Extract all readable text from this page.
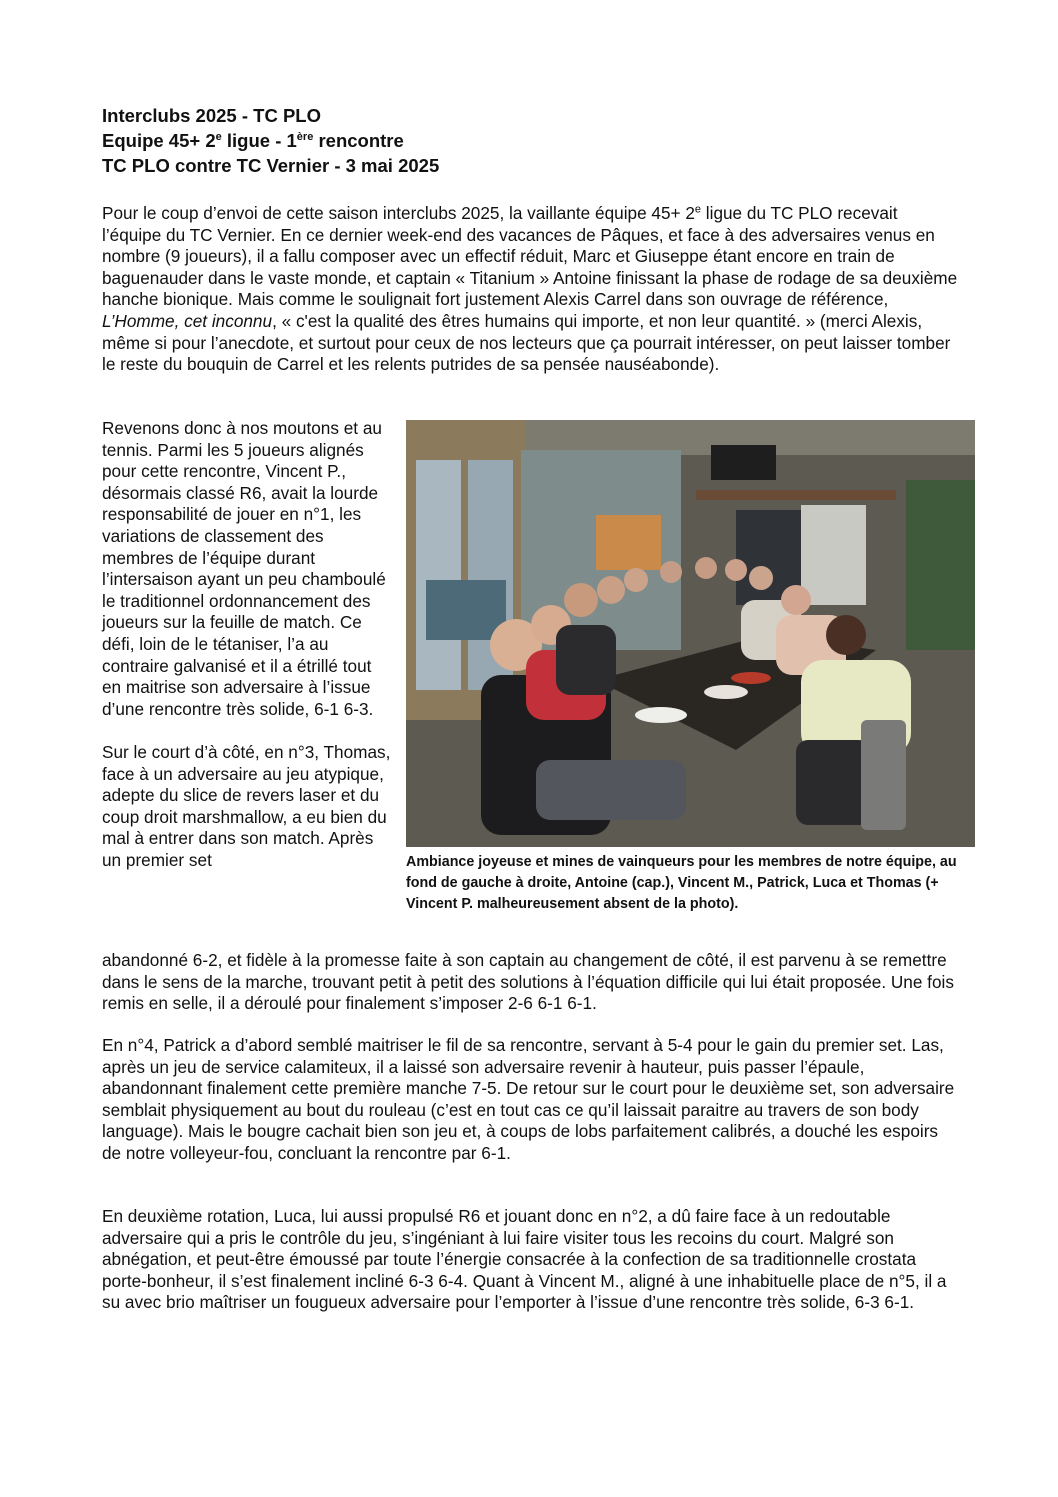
Interclubs 2025 - TC PLO
Equipe $45+ 2^e$ ligue - 1ère rencontre
TC PLO contre TC Vernier - 3 mai 2025

Pour le coup d’envoi de cette saison interclubs 2025, la vaillante équipe $45+ 2^e$ ligue du TC PLO recevait l’équipe du TC Vernier. En ce dernier week-end des vacances de Pâques, et face à des adversaires venus en nombre (9 joueurs), il a fallu composer avec un effectif réduit, Marc et Giuseppe étant encore en train de baguenauder dans le vaste monde, et captain « Titanium » Antoine finissant la phase de rodage de sa deuxième hanche bionique. Mais comme le soulignait fort justement Alexis Carrel dans son ouvrage de référence, L’Homme, cet inconnu, « c'est la qualité des êtres humains qui importe, et non leur quantité. » (merci Alexis, même si pour l’anecdote, et surtout pour ceux de nos lecteurs que ça pourrait intéresser, on peut laisser tomber le reste du bouquin de Carrel et les relents putrides de sa pensée nauséabonde).

Revenons donc à nos moutons et au tennis. Parmi les 5 joueurs alignés pour cette rencontre, Vincent P., désormais classé R6, avait la lourde responsabilité de jouer en n°1, les variations de classement des membres de l’équipe durant l’intersaison ayant un peu chamboulé le traditionnel ordonnancement des joueurs sur la feuille de match. Ce défi, loin de le tétaniser, l’a au contraire galvanisé et il a étrillé tout en maitrise son adversaire à l’issue d’une rencontre très solide, 6-1 6-3.

Sur le court d’à côté, en n°3, Thomas, face à un adversaire au jeu atypique, adepte du slice de revers laser et du coup droit marshmallow, a eu bien du mal à entrer dans son match. Après un premier set	Ambiance joyeuse et mines de vainqueurs pour les membres de notre équipe, au fond de gauche à droite, Antoine (cap.), Vincent M., Patrick, Luca et Thomas (+ Vincent P. malheureusement absent de la photo).

abandonné 6-2, et fidèle à la promesse faite à son captain au changement de côté, il est parvenu à se remettre dans le sens de la marche, trouvant petit à petit des solutions à l’équation difficile qui lui était proposée. Une fois remis en selle, il a déroulé pour finalement s’imposer 2-6 6-1 6-1.

En n°4, Patrick a d’abord semblé maitriser le fil de sa rencontre, servant à 5-4 pour le gain du premier set. Las, après un jeu de service calamiteux, il a laissé son adversaire revenir à hauteur, puis passer l’épaule, abandonnant finalement cette première manche 7-5. De retour sur le court pour le deuxième set, son adversaire semblait physiquement au bout du rouleau (c’est en tout cas ce qu’il laissait paraitre au travers de son body language). Mais le bougre cachait bien son jeu et, à coups de lobs parfaitement calibrés, a douché les espoirs de notre volleyeur-fou, concluant la rencontre par 6-1.

En deuxième rotation, Luca, lui aussi propulsé R6 et jouant donc en n°2, a dû faire face à un redoutable adversaire qui a pris le contrôle du jeu, s’ingéniant à lui faire visiter tous les recoins du court. Malgré son abnégation, et peut-être émoussé par toute l’énergie consacrée à la confection de sa traditionnelle crostata porte-bonheur, il s’est finalement incliné 6-3 6-4. Quant à Vincent M., aligné à une inhabituelle place de n°5, il a su avec brio maîtriser un fougueux adversaire pour l’emporter à l’issue d’une rencontre très solide, 6-3 6-1.
